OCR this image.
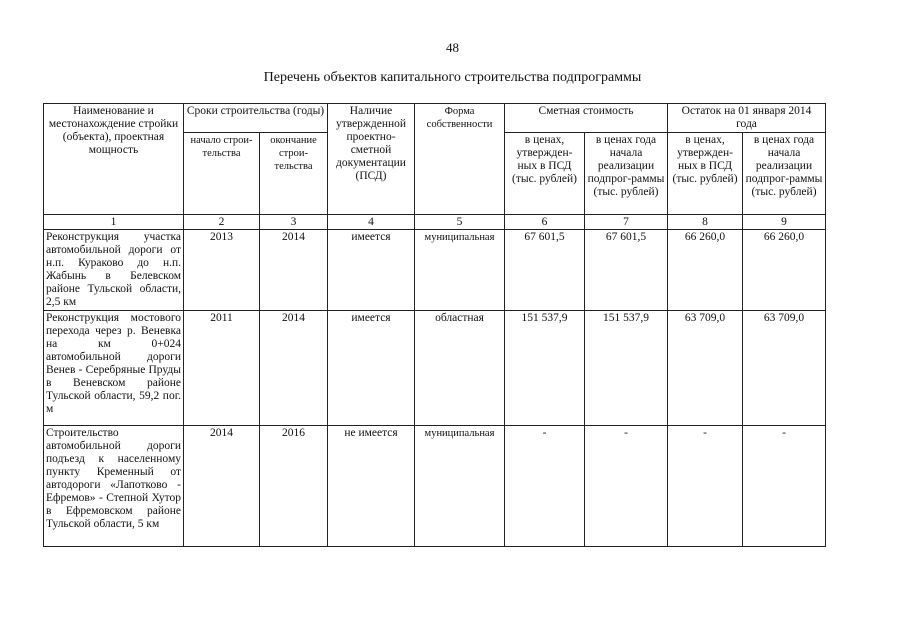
48
Перечень объектов капитального строительства подпрограммы
Наименование и местонахождение стройки (объекта), проектная мощность	Сроки строительства (годы)		Наличие утвержденной проектно-сметной документации (ПСД)	Форма собственности	Сметная стоимость		Остаток на 01 января 2014 года	
	начало строи-тельства	окончание строи-тельства			в ценах, утвержден-ных в ПСД (тыс. рублей)	в ценах года начала реализации подпрог-раммы (тыс. рублей)	в ценах, утвержден-ных в ПСД (тыс. рублей)	в ценах года начала реализации подпрог-раммы (тыс. рублей)
1	2	3	4	5	6	7	8	9
Реконструкция участка автомобильной дороги от н.п. Кураково до н.п. Жабынь в Белевском районе Тульской области, 2,5 км	2013	2014	имеется	муниципальная	67 601,5	67 601,5	66 260,0	66 260,0
Реконструкция мостового перехода через р. Веневка на км 0+024 автомобильной дороги Венев - Серебряные Пруды в Веневском районе Тульской области, 59,2 пог. м	2011	2014	имеется	областная	151 537,9	151 537,9	63 709,0	63 709,0
Строительство автомобильной дороги подъезд к населенному пункту Кременный от автодороги «Лапотково - Ефремов» - Степной Хутор в Ефремовском районе Тульской области, 5 км	2014	2016	не имеется	муниципальная	-	-	-	-
